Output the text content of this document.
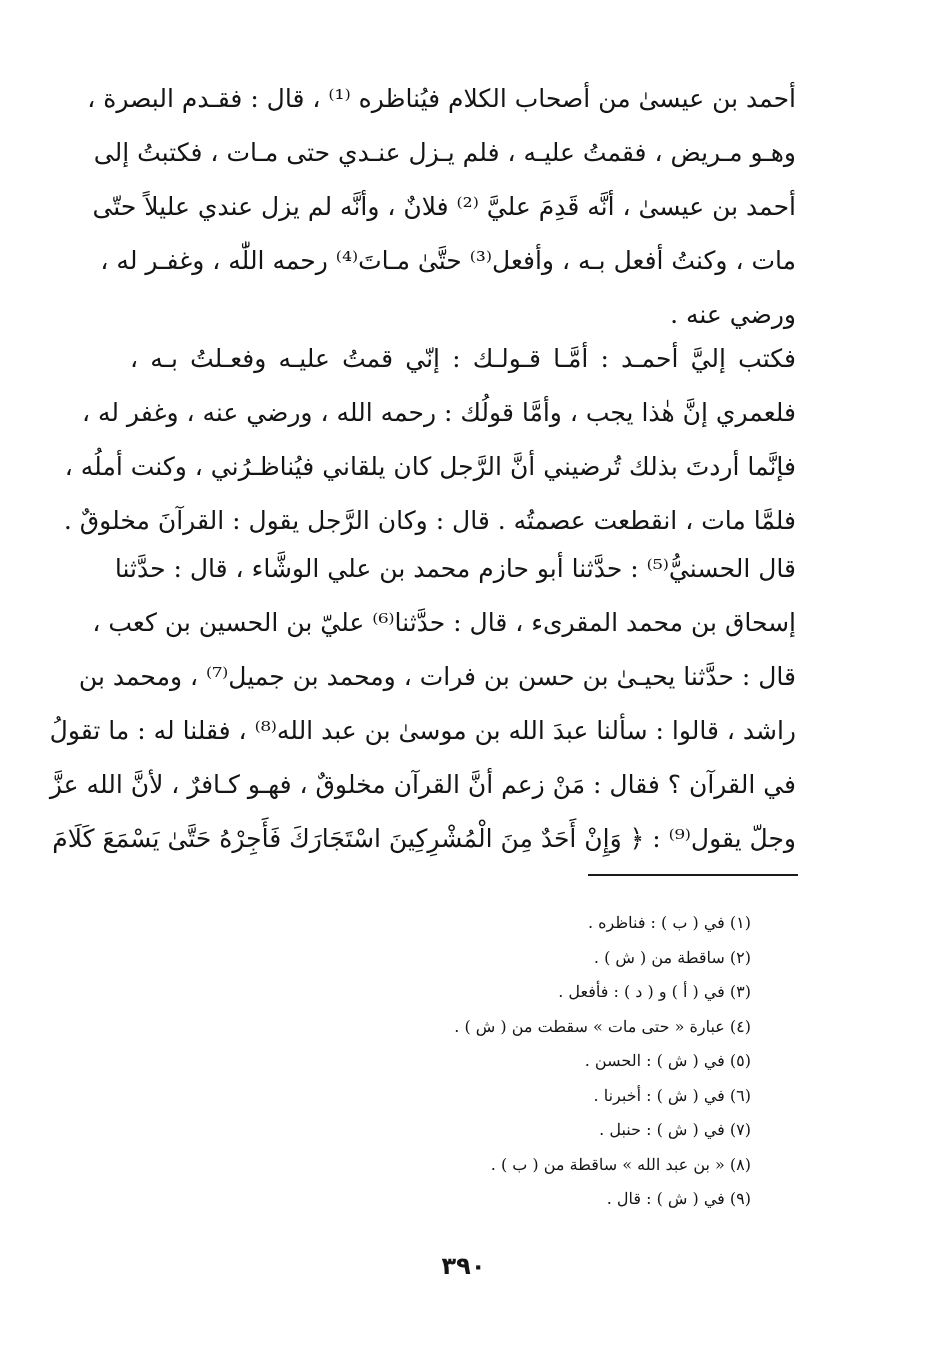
أحمد بن عيسىٰ من أصحاب الكلام فيُناظره ⁽¹⁾ ، قال : فقـدم البصرة ،
وهـو مـريض ، فقمتُ عليـه ، فلم يـزل عنـدي حتى مـات ، فكتبتُ إلى
أحمد بن عيسىٰ ، أنَّه قَدِمَ عليَّ ⁽²⁾ فلانٌ ، وأنَّه لم يزل عندي عليلاً حتّى
مات ، وكنتُ أفعل بـه ، وأفعل⁽³⁾ حتَّىٰ مـاتَ⁽⁴⁾ رحمه اللّٰه ، وغفـر له ،
ورضي عنه .
فكتب إليَّ أحمـد : أمَّـا قـولـك : إنّي قمتُ عليـه وفعـلتُ بـه ،
فلعمري إنَّ هٰذا يجب ، وأمَّا قولُك : رحمه الله ، ورضي عنه ، وغفر له ،
فإنَّما أردتَ بذلك تُرضيني أنَّ الرَّجل كان يلقاني فيُناظـرُني ، وكنت أملُه ،
فلمَّا مات ، انقطعت عصمتُه . قال : وكان الرَّجل يقول : القرآنَ مخلوقٌ .
قال الحسنيُّ⁽⁵⁾ : حدَّثنا أبو حازم محمد بن علي الوشَّاء ، قال : حدَّثنا
إسحاق بن محمد المقرىء ، قال : حدَّثنا⁽⁶⁾ عليّ بن الحسين بن كعب ،
قال : حدَّثنا يحيـىٰ بن حسن بن فرات ، ومحمد بن جميل⁽⁷⁾ ، ومحمد بن
راشد ، قالوا : سألنا عبدَ الله بن موسىٰ بن عبد الله⁽⁸⁾ ، فقلنا له : ما تقولُ
في القرآن ؟ فقال : مَنْ زعم أنَّ القرآن مخلوقٌ ، فهـو كـافرٌ ، لأنَّ الله عزَّ
وجلّ يقول⁽⁹⁾ : ﴿ وَإِنْ أَحَدٌ مِنَ الْمُشْرِكِينَ اسْتَجَارَكَ فَأَجِرْهُ حَتَّىٰ يَسْمَعَ كَلَامَ
(١) في ( ب ) : فناظره .
(٢) ساقطة من ( ش ) .
(٣) في ( أ ) و ( د ) : فأفعل .
(٤) عبارة « حتى مات » سقطت من ( ش ) .
(٥) في ( ش ) : الحسن .
(٦) في ( ش ) : أخبرنا .
(٧) في ( ش ) : حنبل .
(٨) « بن عبد الله » ساقطة من ( ب ) .
(٩) في ( ش ) : قال .
٣٩٠
